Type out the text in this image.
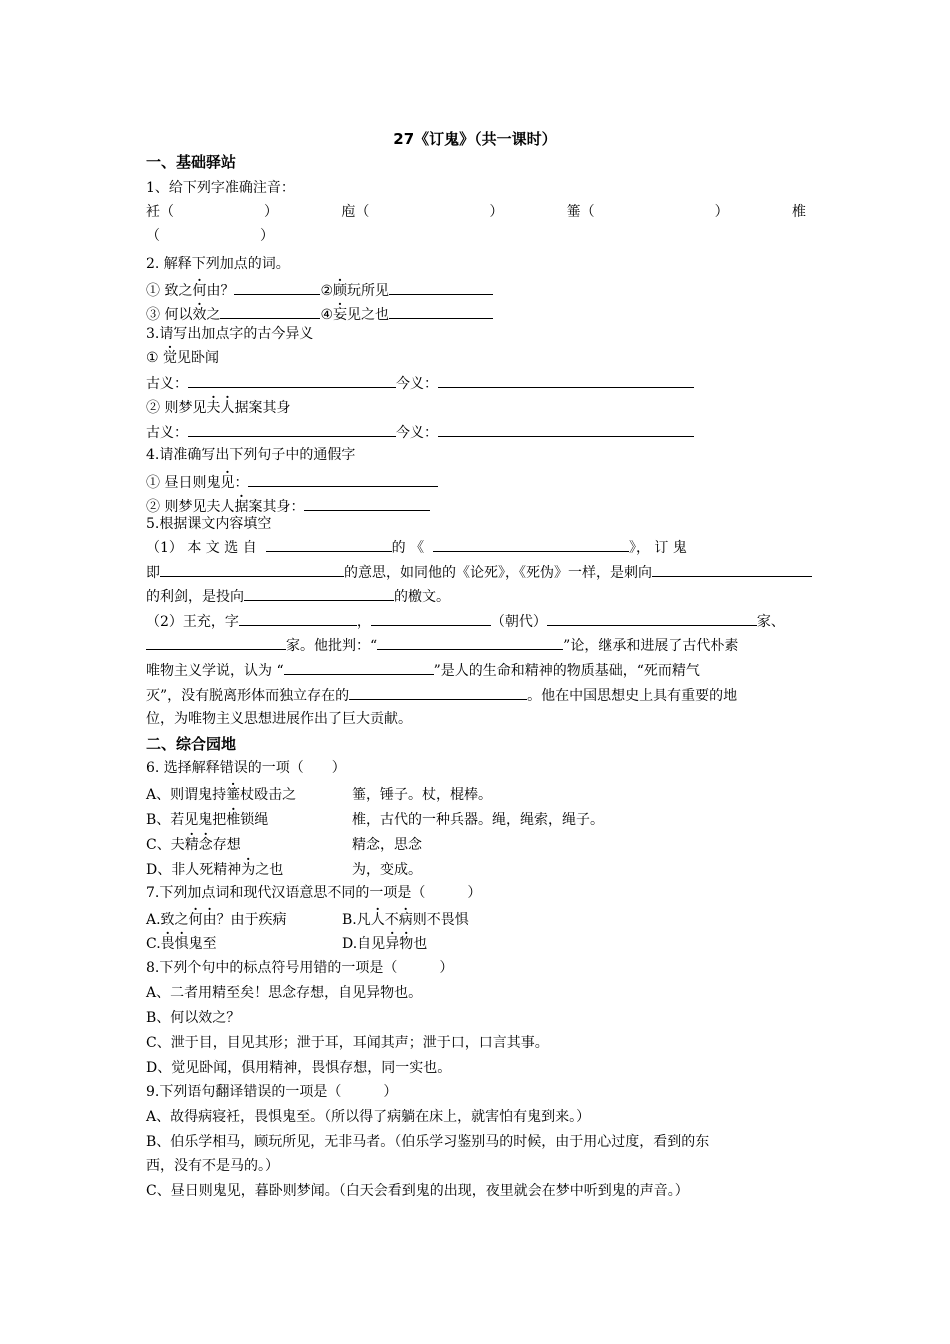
27《订鬼》（共一课时）
一、基础驿站
1、给下列字准确注音：
衽（	）	庖（	）	箠（	）	椎
（	）
2. 解释下列加点的词。
① 致之何由？	②顾玩所见
③ 何以效之	④妄见之也
3.请写出加点字的古今异义
① 觉见卧闻
古义：	今义：
② 则梦见夫人据案其身
古义：	今义：
4.请准确写出下列句子中的通假字
① 昼日则鬼见：
② 则梦见夫人据案其身：
5.根据课文内容填空
（1） 本 文 选 自	的 《	》， 订 鬼
即	的意思，如同他的《论死》，《死伪》一样，是刺向
的利剑，是投向	的檄文。
（2）王充，字	，	（朝代）	家、
家。他批判：“	”论，继承和进展了古代朴素
唯物主义学说，认为 “	”是人的生命和精神的物质基础，“死而精气
灭”，没有脱离形体而独立存在的	。他在中国思想史上具有重要的地
位，为唯物主义思想进展作出了巨大贡献。
二、综合园地
6. 选择解释错误的一项（　　）
A、则谓鬼持箠杖殴击之	箠，锤子。杖，棍棒。
B、若见鬼把椎锁绳	椎，古代的一种兵器。绳，绳索，绳子。
C、夫精念存想	精念，思念
D、非人死精神为之也	为，变成。
7.下列加点词和现代汉语意思不同的一项是（　　　）
A.致之何由？由于疾病	B.凡人不病则不畏惧
C.畏惧鬼至	D.自见异物也
8.下列个句中的标点符号用错的一项是（　　　）
A、二者用精至矣！思念存想，自见异物也。
B、何以效之？
C、泄于目，目见其形；泄于耳，耳闻其声；泄于口，口言其事。
D、觉见卧闻，俱用精神，畏惧存想，同一实也。
9.下列语句翻译错误的一项是（　　　）
A、故得病寝衽，畏惧鬼至。（所以得了病躺在床上，就害怕有鬼到来。）
B、伯乐学相马，顾玩所见，无非马者。（伯乐学习鉴别马的时候，由于用心过度，看到的东
西，没有不是马的。）
C、昼日则鬼见，暮卧则梦闻。（白天会看到鬼的出现，夜里就会在梦中听到鬼的声音。）
